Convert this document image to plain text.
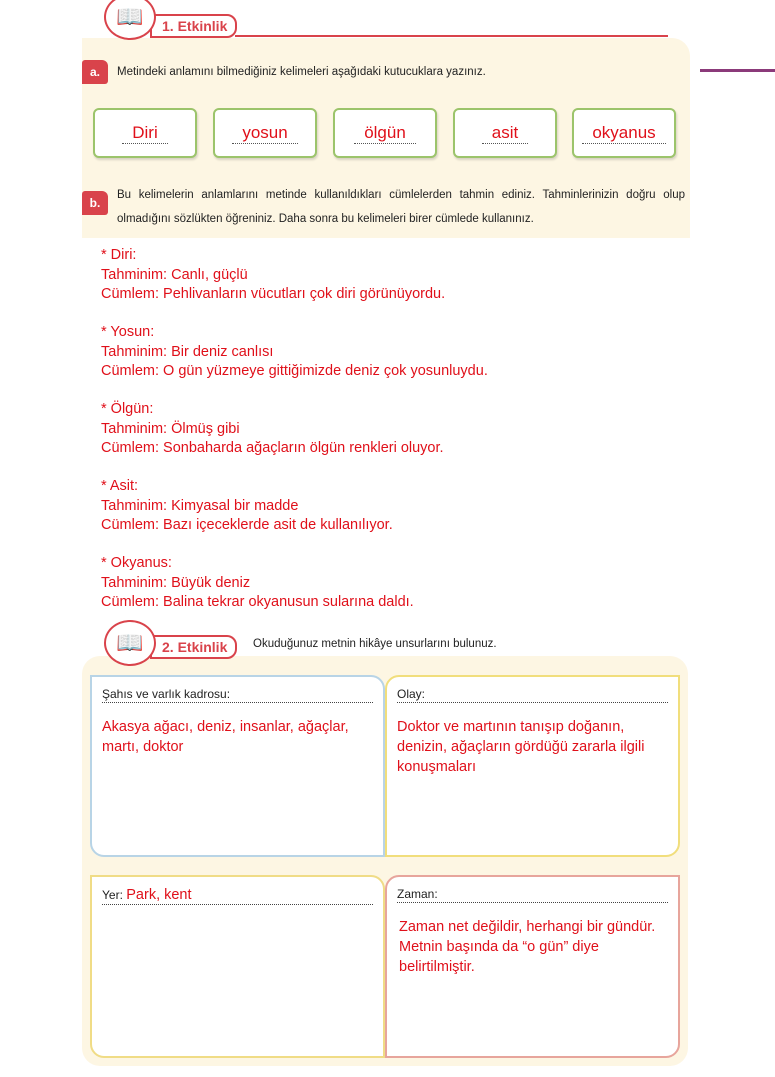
📖	1. Etkinlik
a.	Metindeki anlamını bilmediğiniz kelimeleri aşağıdaki kutucuklara yazınız.
Diri	yosun	ölgün	asit	okyanus
b.
Bu kelimelerin anlamlarını metinde kullanıldıkları cümlelerden tahmin ediniz. Tahminlerinizin doğru olup olmadığını sözlükten öğreniniz. Daha sonra bu kelimeleri birer cümlede kullanınız.
* Diri:
Tahminim: Canlı, güçlü
Cümlem: Pehlivanların vücutları çok diri görünüyordu.
* Yosun:
Tahminim: Bir deniz canlısı
Cümlem: O gün yüzmeye gittiğimizde deniz çok yosunluydu.
* Ölgün:
Tahminim: Ölmüş gibi
Cümlem: Sonbaharda ağaçların ölgün renkleri oluyor.
* Asit:
Tahminim: Kimyasal bir madde
Cümlem: Bazı içeceklerde asit de kullanılıyor.
* Okyanus:
Tahminim: Büyük deniz
Cümlem: Balina tekrar okyanusun sularına daldı.
📖	2. Etkinlik	Okuduğunuz metnin hikâye unsurlarını bulunuz.
Şahıs ve varlık kadrosu:
Akasya ağacı, deniz, insanlar, ağaçlar, martı, doktor
Olay:
Doktor ve martının tanışıp doğanın, denizin, ağaçların gördüğü zararla ilgili konuşmaları
Yer: Park, kent	Zaman:
Zaman net değildir, herhangi bir gündür. Metnin başında da “o gün” diye belirtilmiştir.
